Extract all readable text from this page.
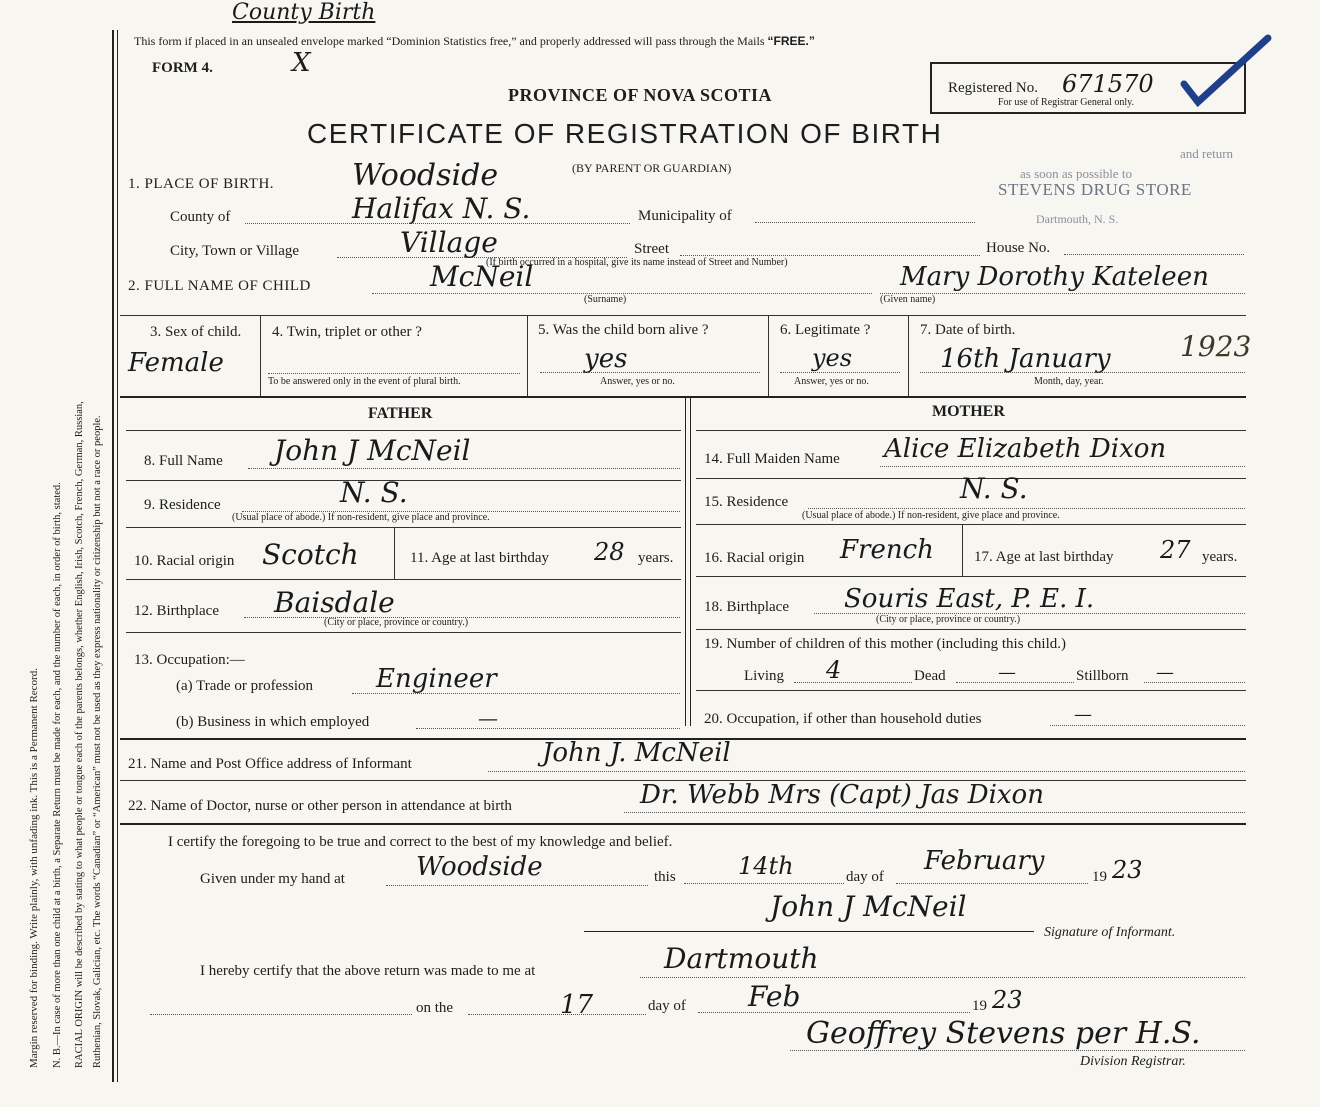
Margin reserved for binding. Write plainly, with unfading ink. This is a Permanent Record. N. B.—In case of more than one child at a birth, a Separate Return must be made for each, and the number of each, in order of birth, stated. RACIAL ORIGIN will be described by stating to what people or tongue each of the parents belongs, whether English, Irish, Scotch, French, German, Russian, Ruthenian, Slovak, Galician, etc. The words “Canadian” or “American” must not be used as they express nationality or citizenship but not a race or people.
County Birth
This form if placed in an unsealed envelope marked “Dominion Statistics free,” and properly addressed will pass through the Mails “FREE.”
FORM 4.	X
PROVINCE OF NOVA SCOTIA
CERTIFICATE OF REGISTRATION OF BIRTH
(BY PARENT OR GUARDIAN)
Registered No. 671570
For use of Registrar General only.
and return
as soon as possible to
STEVENS DRUG STORE
Dartmouth, N. S.
1. PLACE OF BIRTH.	Woodside
County of	Halifax N. S.	Municipality of
City, Town or Village	Village	Street	House No.
(If birth occurred in a hospital, give its name instead of Street and Number)
2. FULL NAME OF CHILD	McNeil
(Surname)
Mary Dorothy Kateleen
(Given name)
3. Sex of child.
Female
4. Twin, triplet or other ?
To be answered only in the event of plural birth.
5. Was the child born alive ?
yes
Answer, yes or no.
6. Legitimate ?
yes
Answer, yes or no.
7. Date of birth.
16th January 1923
Month, day, year.
FATHER	MOTHER
8. Full Name John J McNeil
9. Residence	N. S.
(Usual place of abode.) If non-resident, give place and province.
10. Racial origin Scotch	11. Age at last birthday 28 years.
12. Birthplace Baisdale
(City or place, province or country.)
13. Occupation:—
(a) Trade or profession Engineer
(b) Business in which employed	—
14. Full Maiden Name Alice Elizabeth Dixon
15. Residence	N. S.
(Usual place of abode.) If non-resident, give place and province.
16. Racial origin French	17. Age at last birthday 27 years.
18. Birthplace Souris East, P. E. I.
(City or place, province or country.)
19. Number of children of this mother (including this child.)
Living 4	Dead	—	Stillborn —
20. Occupation, if other than household duties	—
21. Name and Post Office address of Informant	John J. McNeil
22. Name of Doctor, nurse or other person in attendance at birth	Dr. Webb Mrs (Capt) Jas Dixon
I certify the foregoing to be true and correct to the best of my knowledge and belief.
Given under my hand at	Woodside	this	14th	day of
February
19 23
John J McNeil
Signature of Informant.
I hereby certify that the above return was made to me at	Dartmouth
on the	17	day of Feb	19 23
Geoffrey Stevens per H.S.
Division Registrar.
